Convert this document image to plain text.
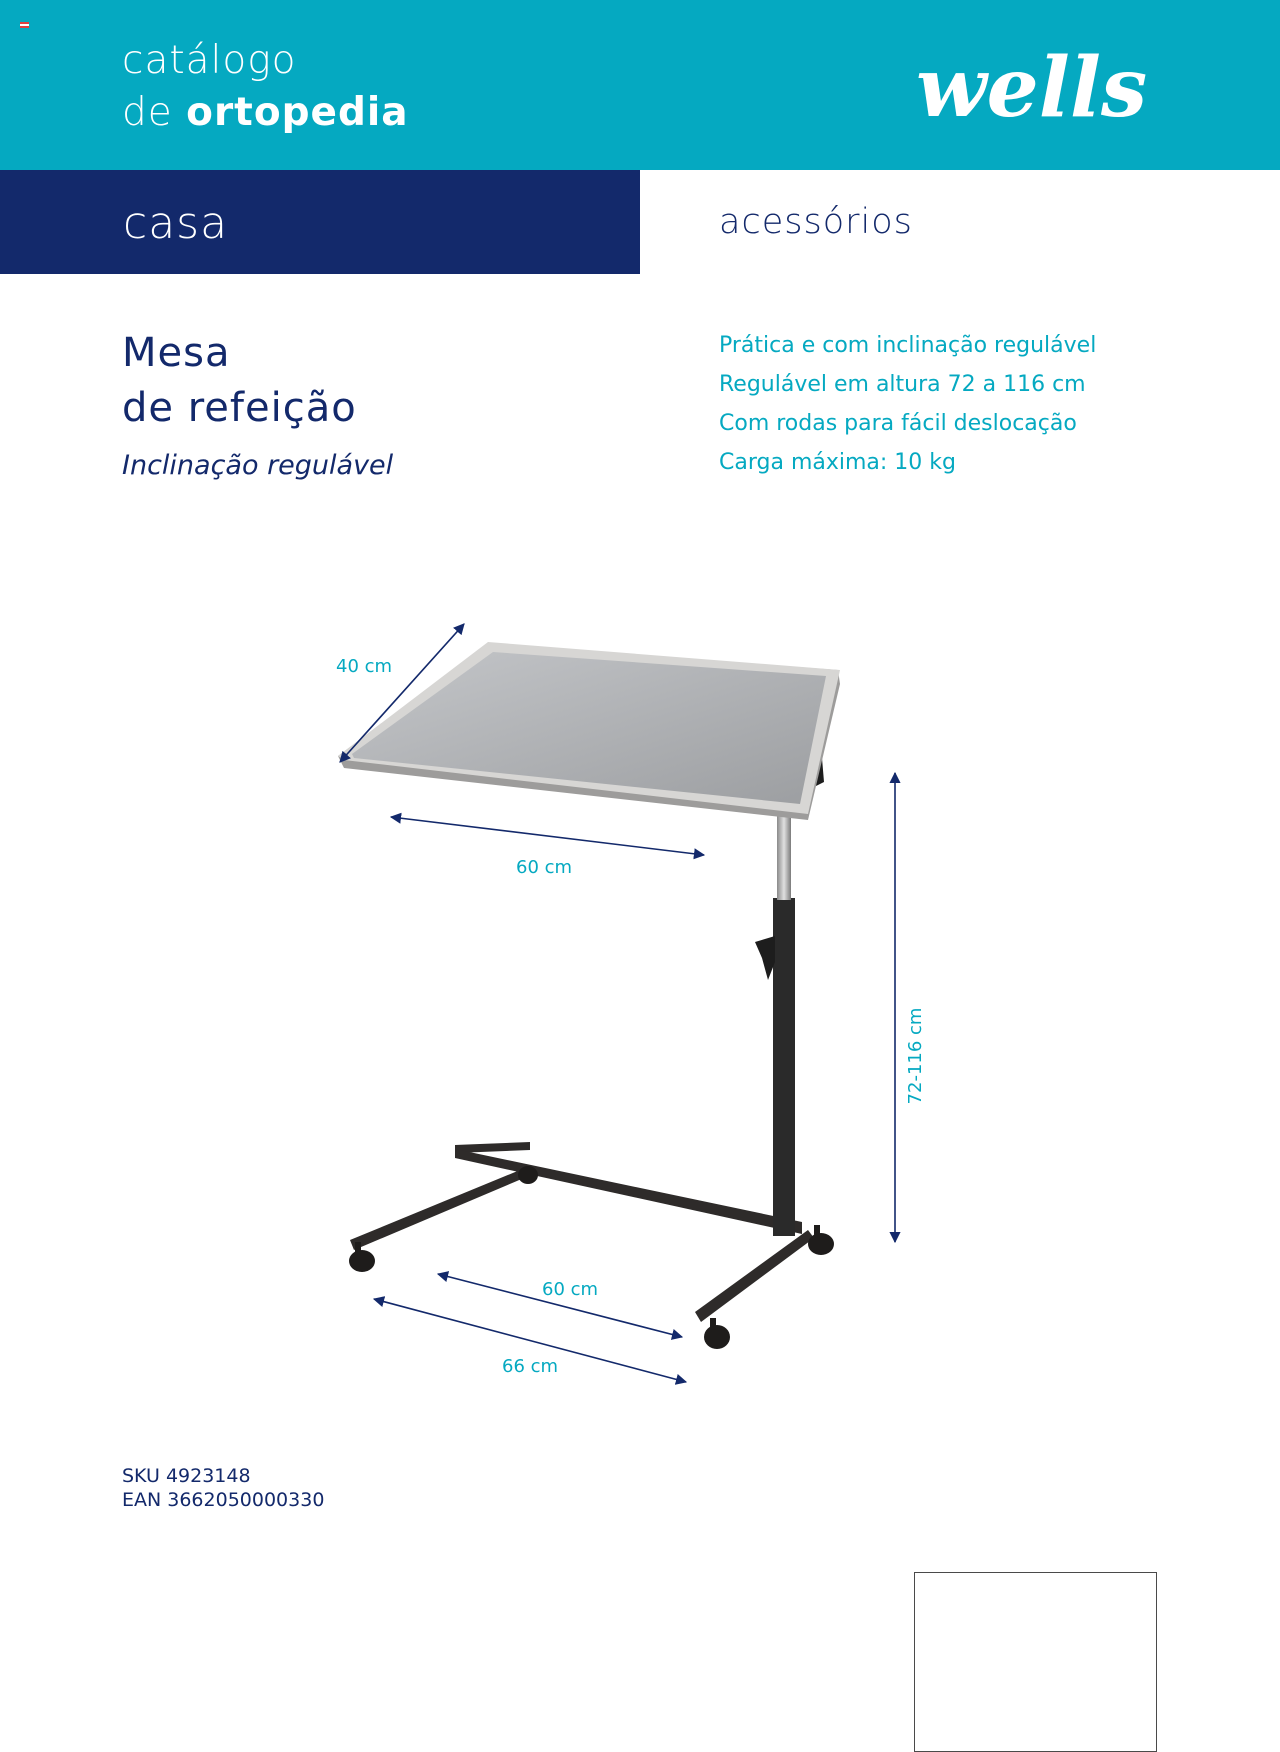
catálogo
de ortopedia	wells
casa	acessórios
Mesa
de refeição
Inclinação regulável
Prática e com inclinação regulável
Regulável em altura 72 a 116 cm
Com rodas para fácil deslocação
Carga máxima: 10 kg
40 cm
60 cm
72-116 cm
60 cm
66 cm
SKU 4923148
EAN 3662050000330
